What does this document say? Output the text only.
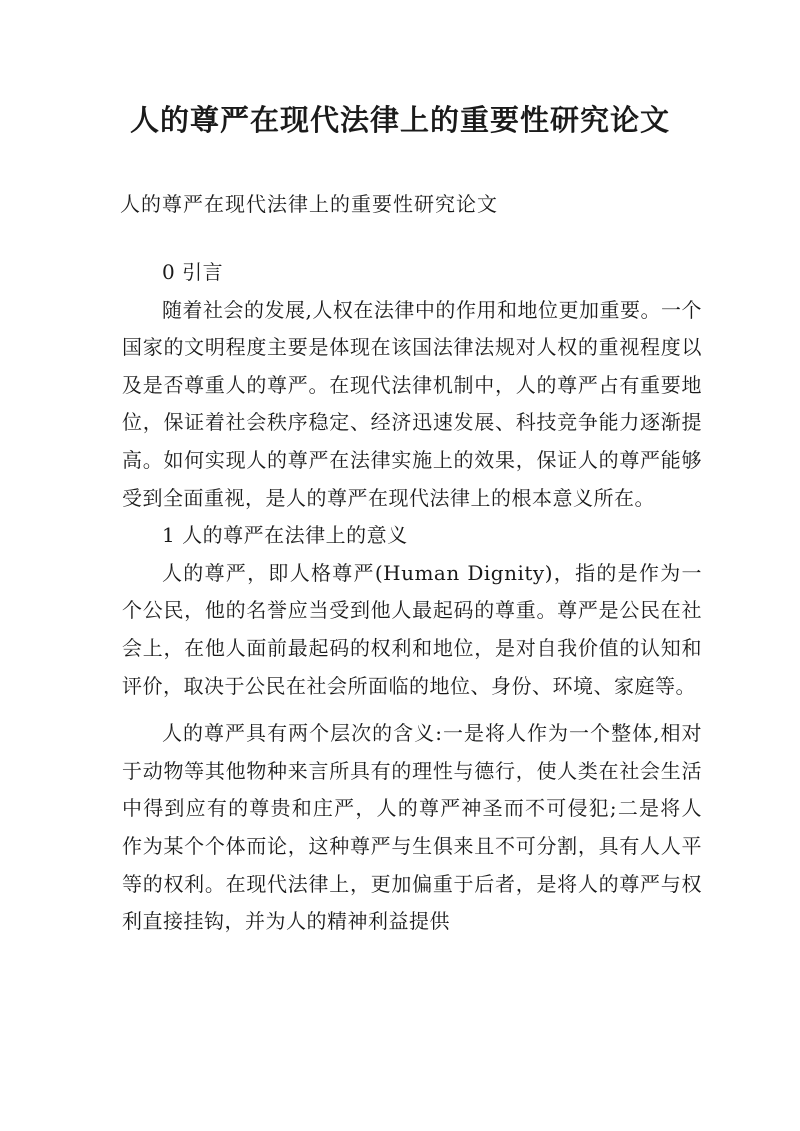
人的尊严在现代法律上的重要性研究论文
人的尊严在现代法律上的重要性研究论文

0 引言

随着社会的发展,人权在法律中的作用和地位更加重要。一个国家的文明程度主要是体现在该国法律法规对人权的重视程度以及是否尊重人的尊严。在现代法律机制中，人的尊严占有重要地位，保证着社会秩序稳定、经济迅速发展、科技竞争能力逐渐提高。如何实现人的尊严在法律实施上的效果，保证人的尊严能够受到全面重视，是人的尊严在现代法律上的根本意义所在。

1 人的尊严在法律上的意义

人的尊严，即人格尊严(Human Dignity)，指的是作为一个公民，他的名誉应当受到他人最起码的尊重。尊严是公民在社会上，在他人面前最起码的权利和地位，是对自我价值的认知和评价，取决于公民在社会所面临的地位、身份、环境、家庭等。

人的尊严具有两个层次的含义:一是将人作为一个整体,相对于动物等其他物种来言所具有的理性与德行，使人类在社会生活中得到应有的尊贵和庄严，人的尊严神圣而不可侵犯;二是将人作为某个个体而论，这种尊严与生俱来且不可分割，具有人人平等的权利。在现代法律上，更加偏重于后者，是将人的尊严与权利直接挂钩，并为人的精神利益提供
